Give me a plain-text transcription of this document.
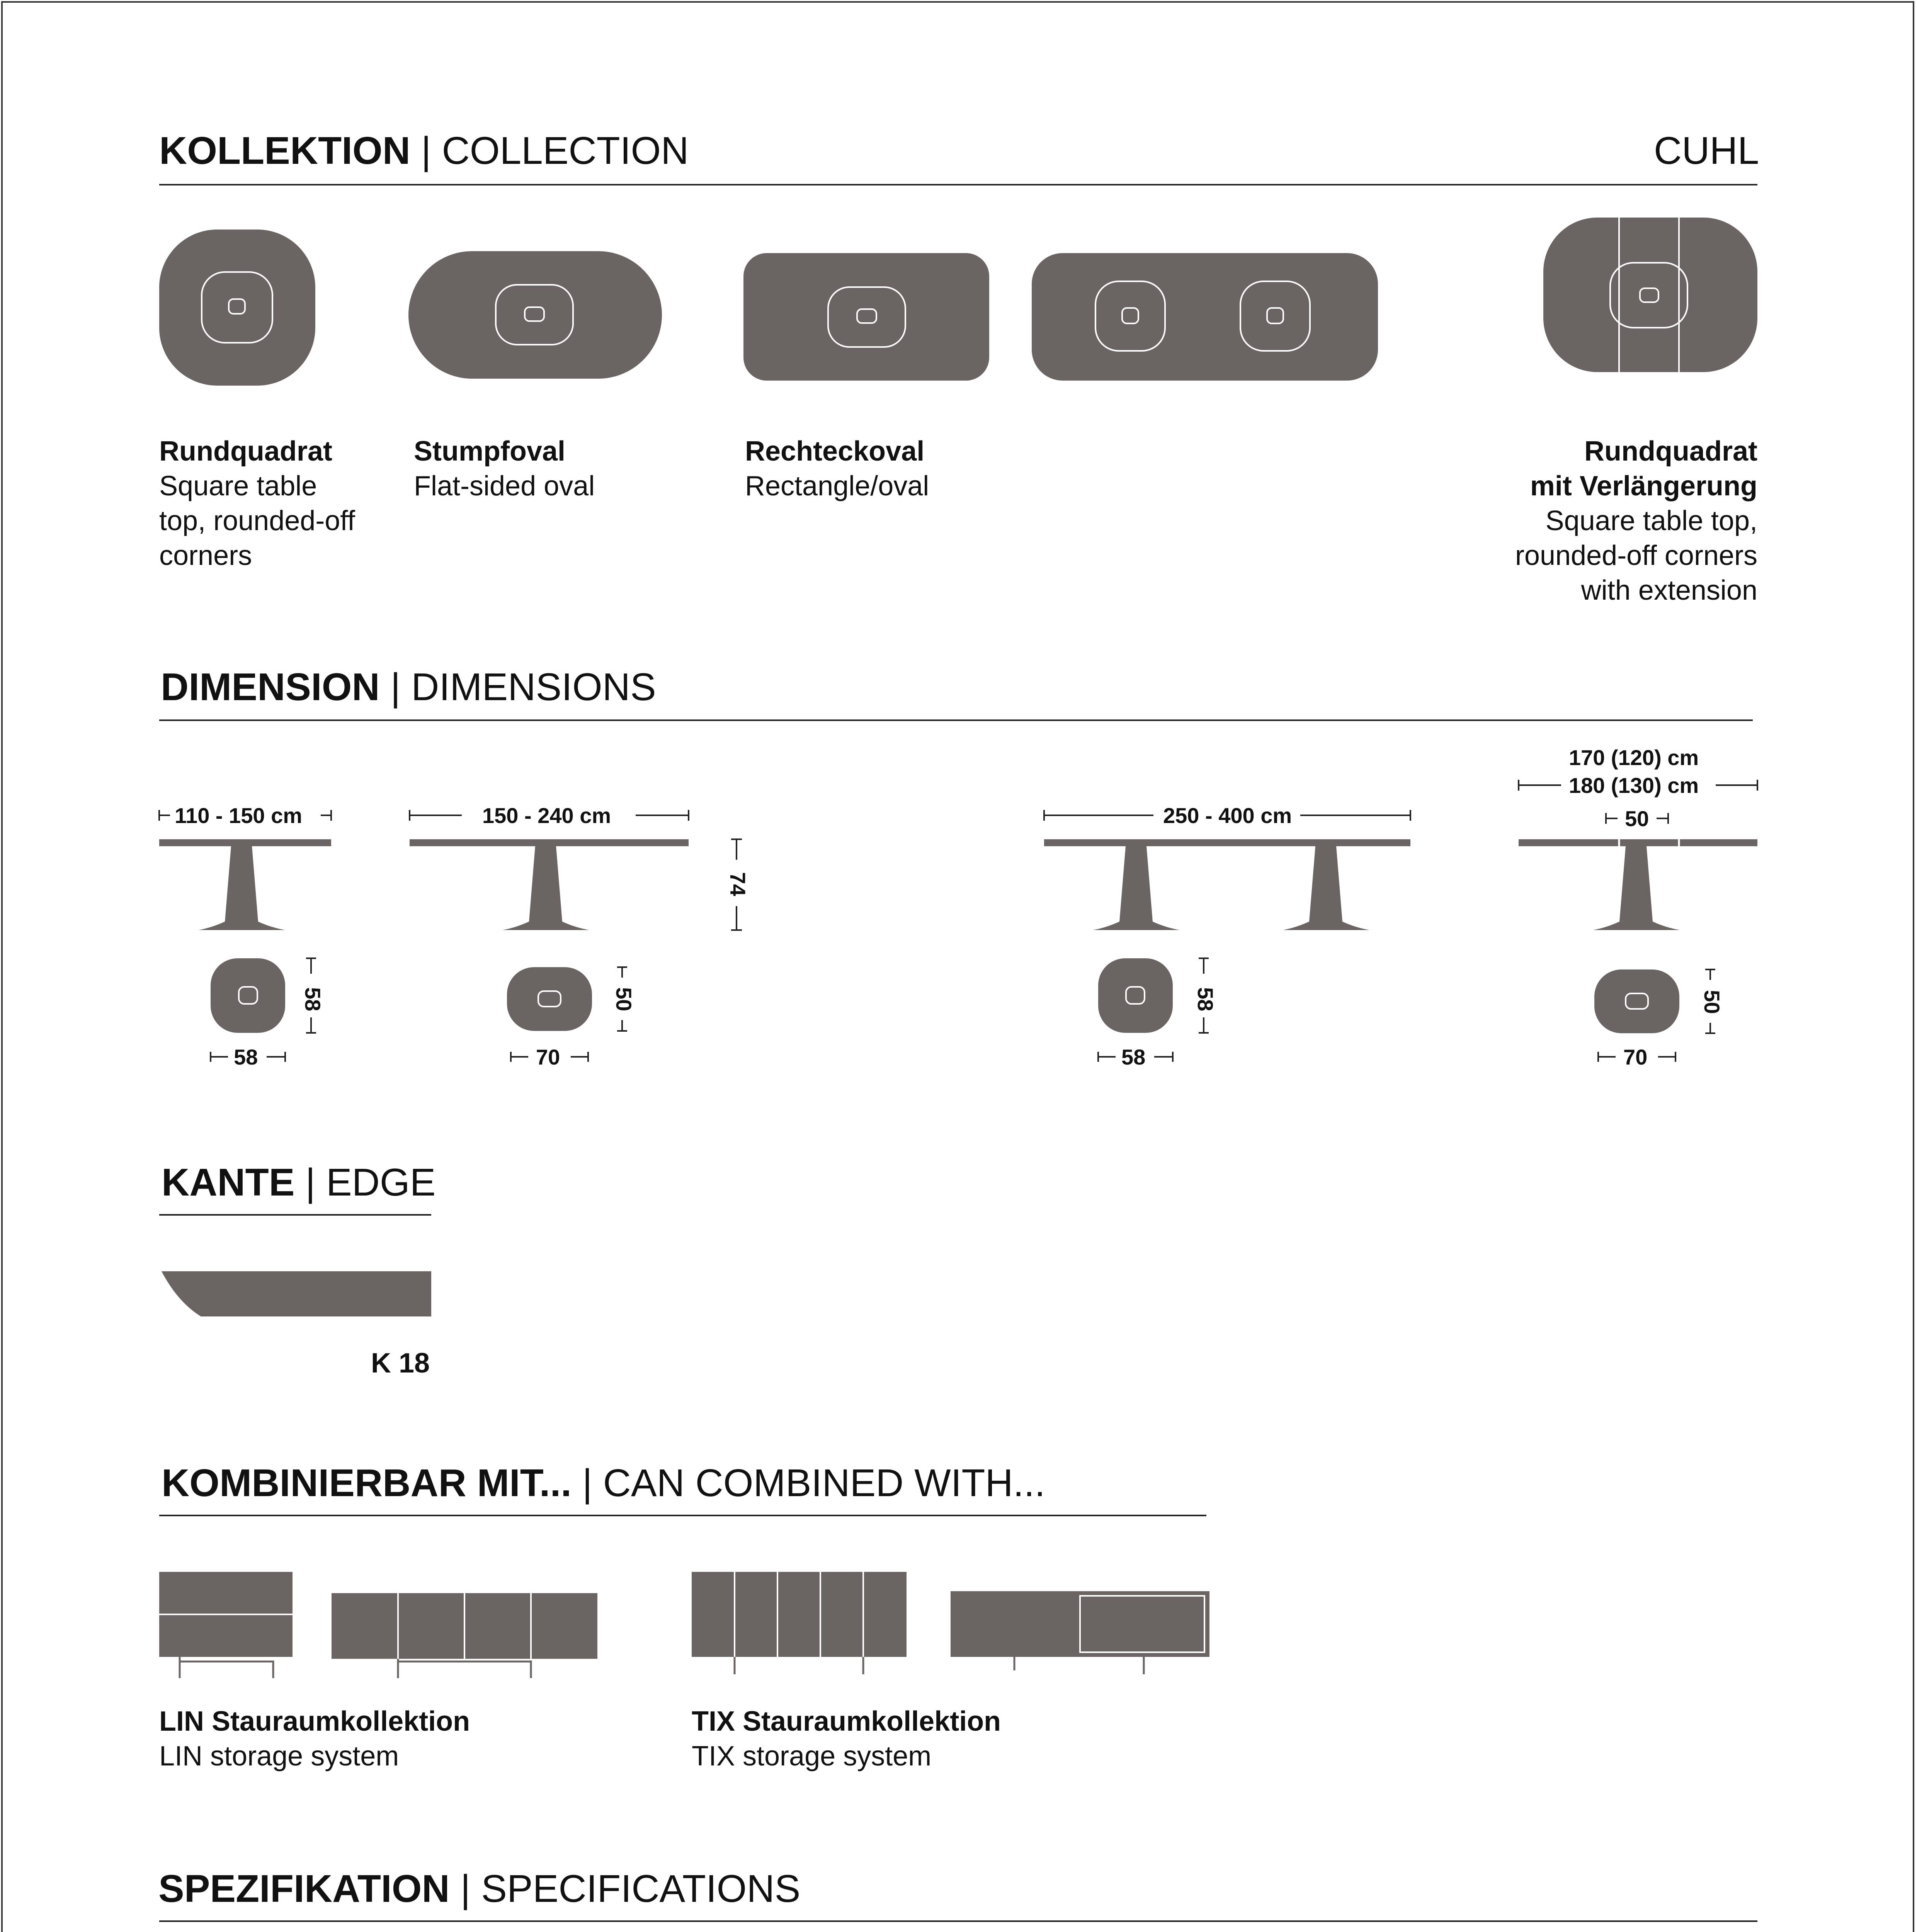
KOLLEKTION | COLLECTION	CUHL
Rundquadrat
Square table
top, rounded-off
corners
Stumpfoval
Flat-sided oval
Rechteckoval
Rectangle/oval
Rundquadrat
mit Verlängerung
Square table top,
rounded-off corners
with extension
DIMENSION | DIMENSIONS
110 - 150 cm	150 - 240 cm	250 - 400 cm
170 (120) cm
180 (130) cm
50
74
58
58
70
50
58
58
70
50
KANTE | EDGE
K 18
KOMBINIERBAR MIT... | CAN COMBINED WITH...
LIN Stauraumkollektion
LIN storage system
TIX Stauraumkollektion
TIX storage system
SPEZIFIKATION | SPECIFICATIONS
